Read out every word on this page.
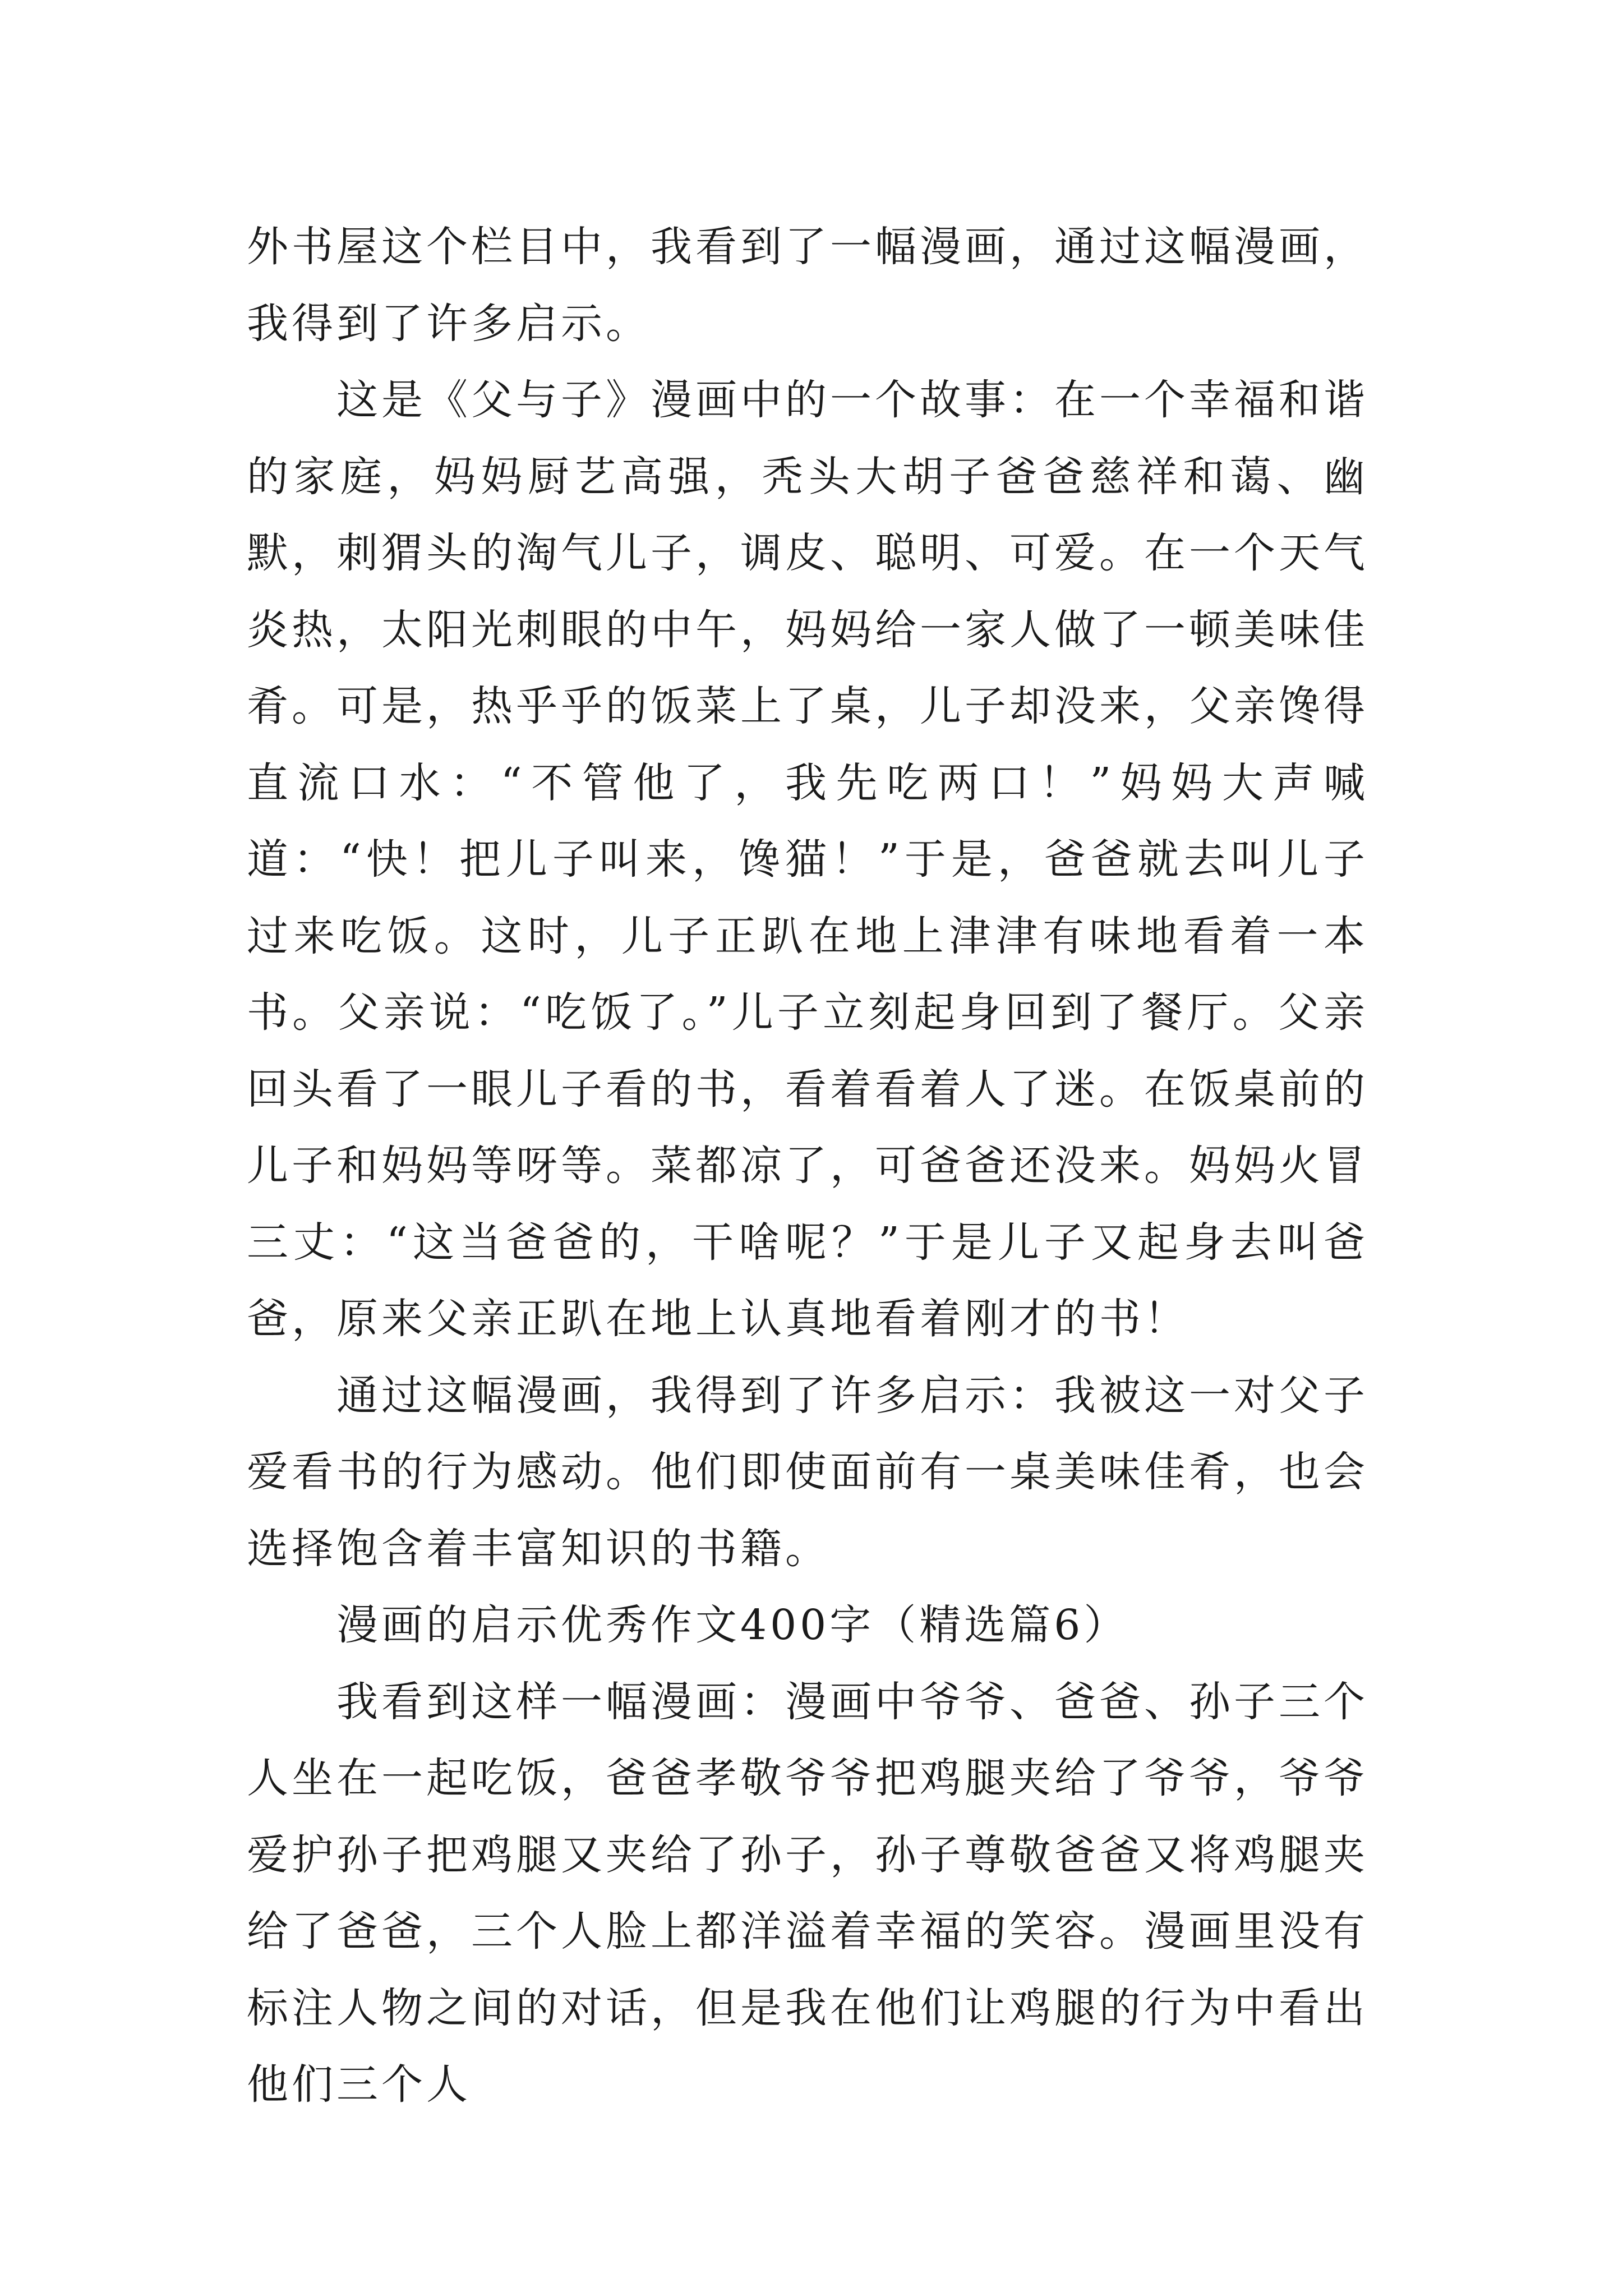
外书屋这个栏目中，我看到了一幅漫画，通过这幅漫画，我得到了许多启示。

这是《父与子》漫画中的一个故事：在一个幸福和谐的家庭，妈妈厨艺高强，秃头大胡子爸爸慈祥和蔼、幽默，刺猬头的淘气儿子，调皮、聪明、可爱。在一个天气炎热，太阳光刺眼的中午，妈妈给一家人做了一顿美味佳肴。可是，热乎乎的饭菜上了桌，儿子却没来，父亲馋得直流口水：“不管他了，我先吃两口！”妈妈大声喊道：“快！把儿子叫来，馋猫！”于是，爸爸就去叫儿子过来吃饭。这时，儿子正趴在地上津津有味地看着一本书。父亲说：“吃饭了。”儿子立刻起身回到了餐厅。父亲回头看了一眼儿子看的书，看着看着人了迷。在饭桌前的儿子和妈妈等呀等。菜都凉了，可爸爸还没来。妈妈火冒三丈：“这当爸爸的，干啥呢？”于是儿子又起身去叫爸爸，原来父亲正趴在地上认真地看着刚才的书！

通过这幅漫画，我得到了许多启示：我被这一对父子爱看书的行为感动。他们即使面前有一桌美味佳肴，也会选择饱含着丰富知识的书籍。

漫画的启示优秀作文400字（精选篇6）

我看到这样一幅漫画：漫画中爷爷、爸爸、孙子三个人坐在一起吃饭，爸爸孝敬爷爷把鸡腿夹给了爷爷，爷爷爱护孙子把鸡腿又夹给了孙子，孙子尊敬爸爸又将鸡腿夹给了爸爸，三个人脸上都洋溢着幸福的笑容。漫画里没有标注人物之间的对话，但是我在他们让鸡腿的行为中看出他们三个人
